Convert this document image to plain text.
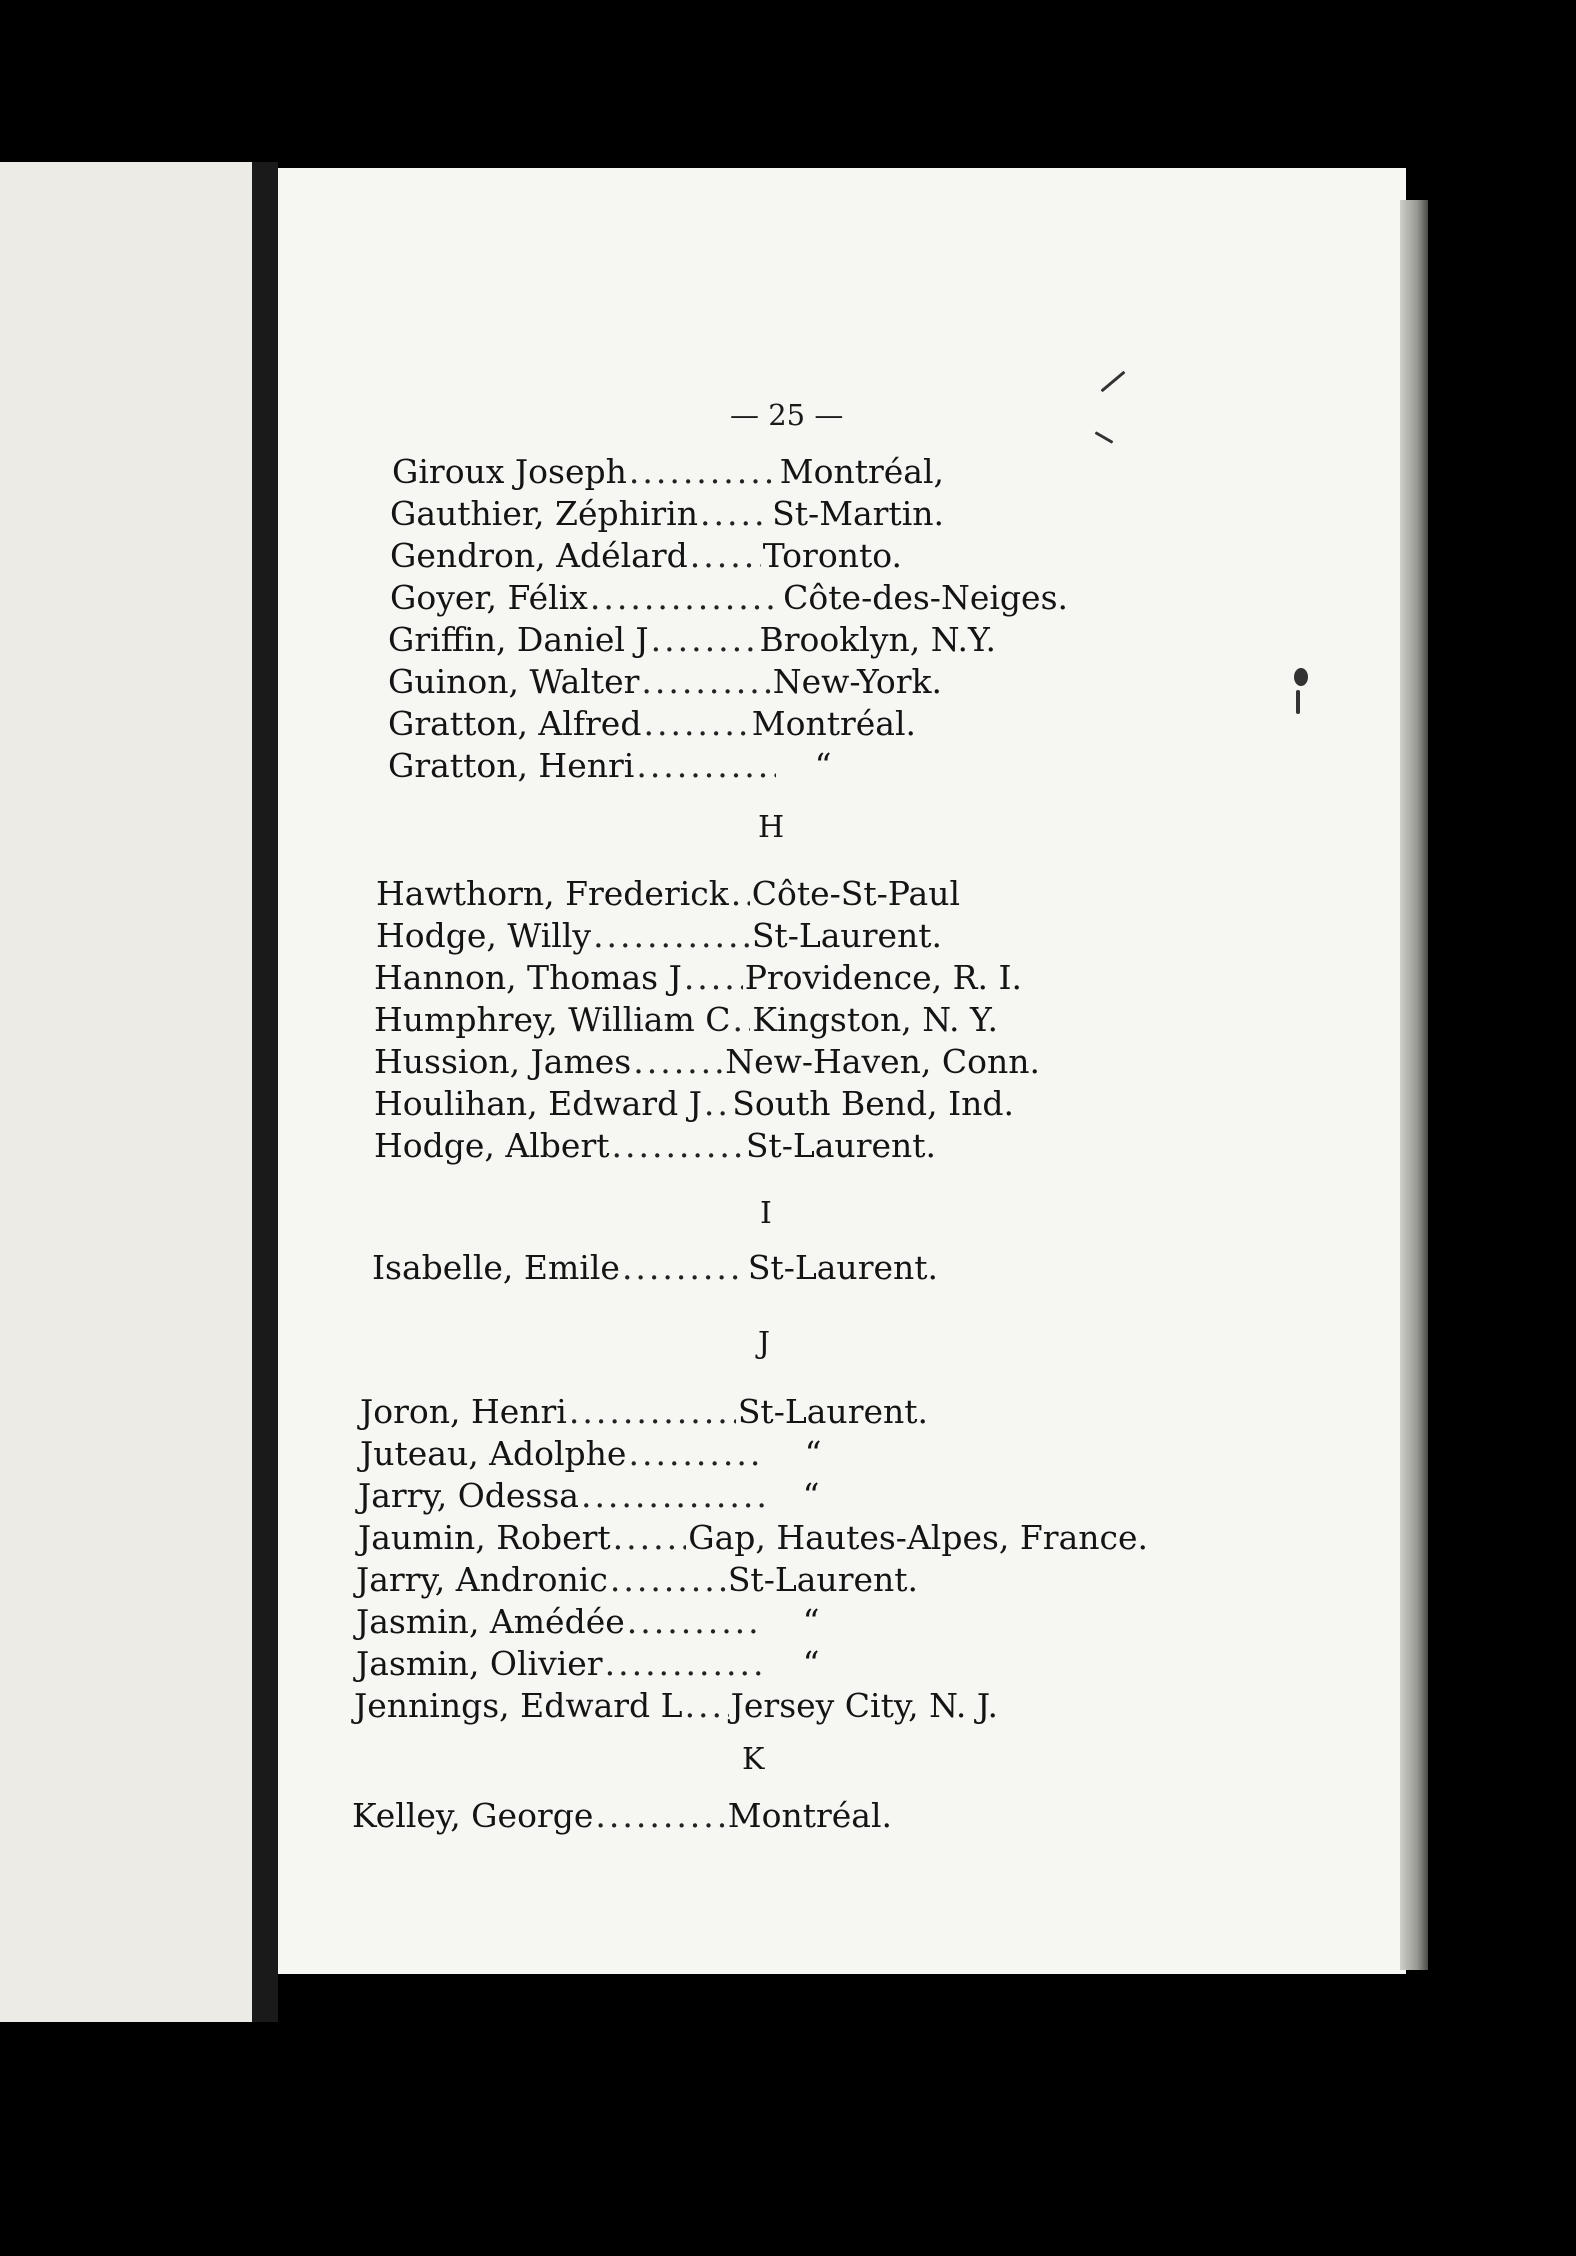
— 25 —
Giroux Joseph .....	Montréal,
Gauthier, Zéphirin ..... St-Martin.
Gendron, Adélard ..... Toronto.
Goyer, Félix .....	Côte-des-Neiges.
Griffin, Daniel J .....	Brooklyn, N.Y.
Guinon, Walter .....	New-York.
Gratton, Alfred .....	Montréal.
Gratton, Henri .....	“
H
Hawthorn, Frederick ..... Côte-St-Paul
Hodge, Willy .....	St-Laurent.
Hannon, Thomas J ..... Providence, R. I.
Humphrey, William C ..... Kingston, N. Y.
Hussion, James .....	New-Haven, Conn.
Houlihan, Edward J ..... South Bend, Ind.
Hodge, Albert .....	St-Laurent.
I
Isabelle, Emile .....	St-Laurent.
J
Joron, Henri .....	St-Laurent.
Juteau, Adolphe .....	“
Jarry, Odessa .....	“
Jaumin, Robert ..... Gap, Hautes-Alpes, France.
Jarry, Andronic .....	St-Laurent.
Jasmin, Amédée .....	“
Jasmin, Olivier .....	“
Jennings, Edward L ..... Jersey City, N. J.
K
Kelley, George .....	Montréal.
